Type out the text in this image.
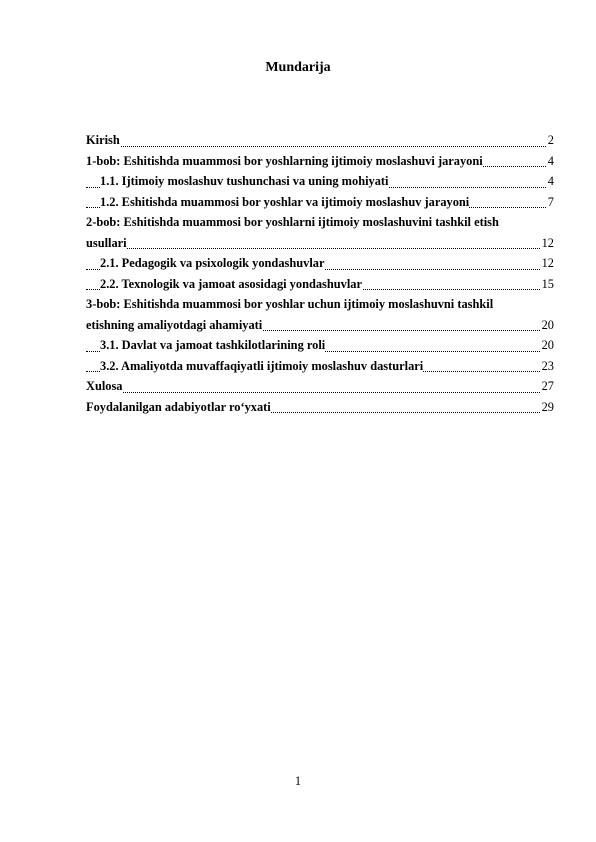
Mundarija
Kirish	2
1-bob: Eshitishda muammosi bor yoshlarning ijtimoiy moslashuvi jarayoni	4
1.1. Ijtimoiy moslashuv tushunchasi va uning mohiyati	4
1.2. Eshitishda muammosi bor yoshlar va ijtimoiy moslashuv jarayoni	7
2-bob: Eshitishda muammosi bor yoshlarni ijtimoiy moslashuvini tashkil etish
usullari	12
2.1. Pedagogik va psixologik yondashuvlar	12
2.2. Texnologik va jamoat asosidagi yondashuvlar	15
3-bob: Eshitishda muammosi bor yoshlar uchun ijtimoiy moslashuvni tashkil
etishning amaliyotdagi ahamiyati	20
3.1. Davlat va jamoat tashkilotlarining roli	20
3.2. Amaliyotda muvaffaqiyatli ijtimoiy moslashuv dasturlari	23
Xulosa	27
Foydalanilgan adabiyotlar roʻyxati	29
1
